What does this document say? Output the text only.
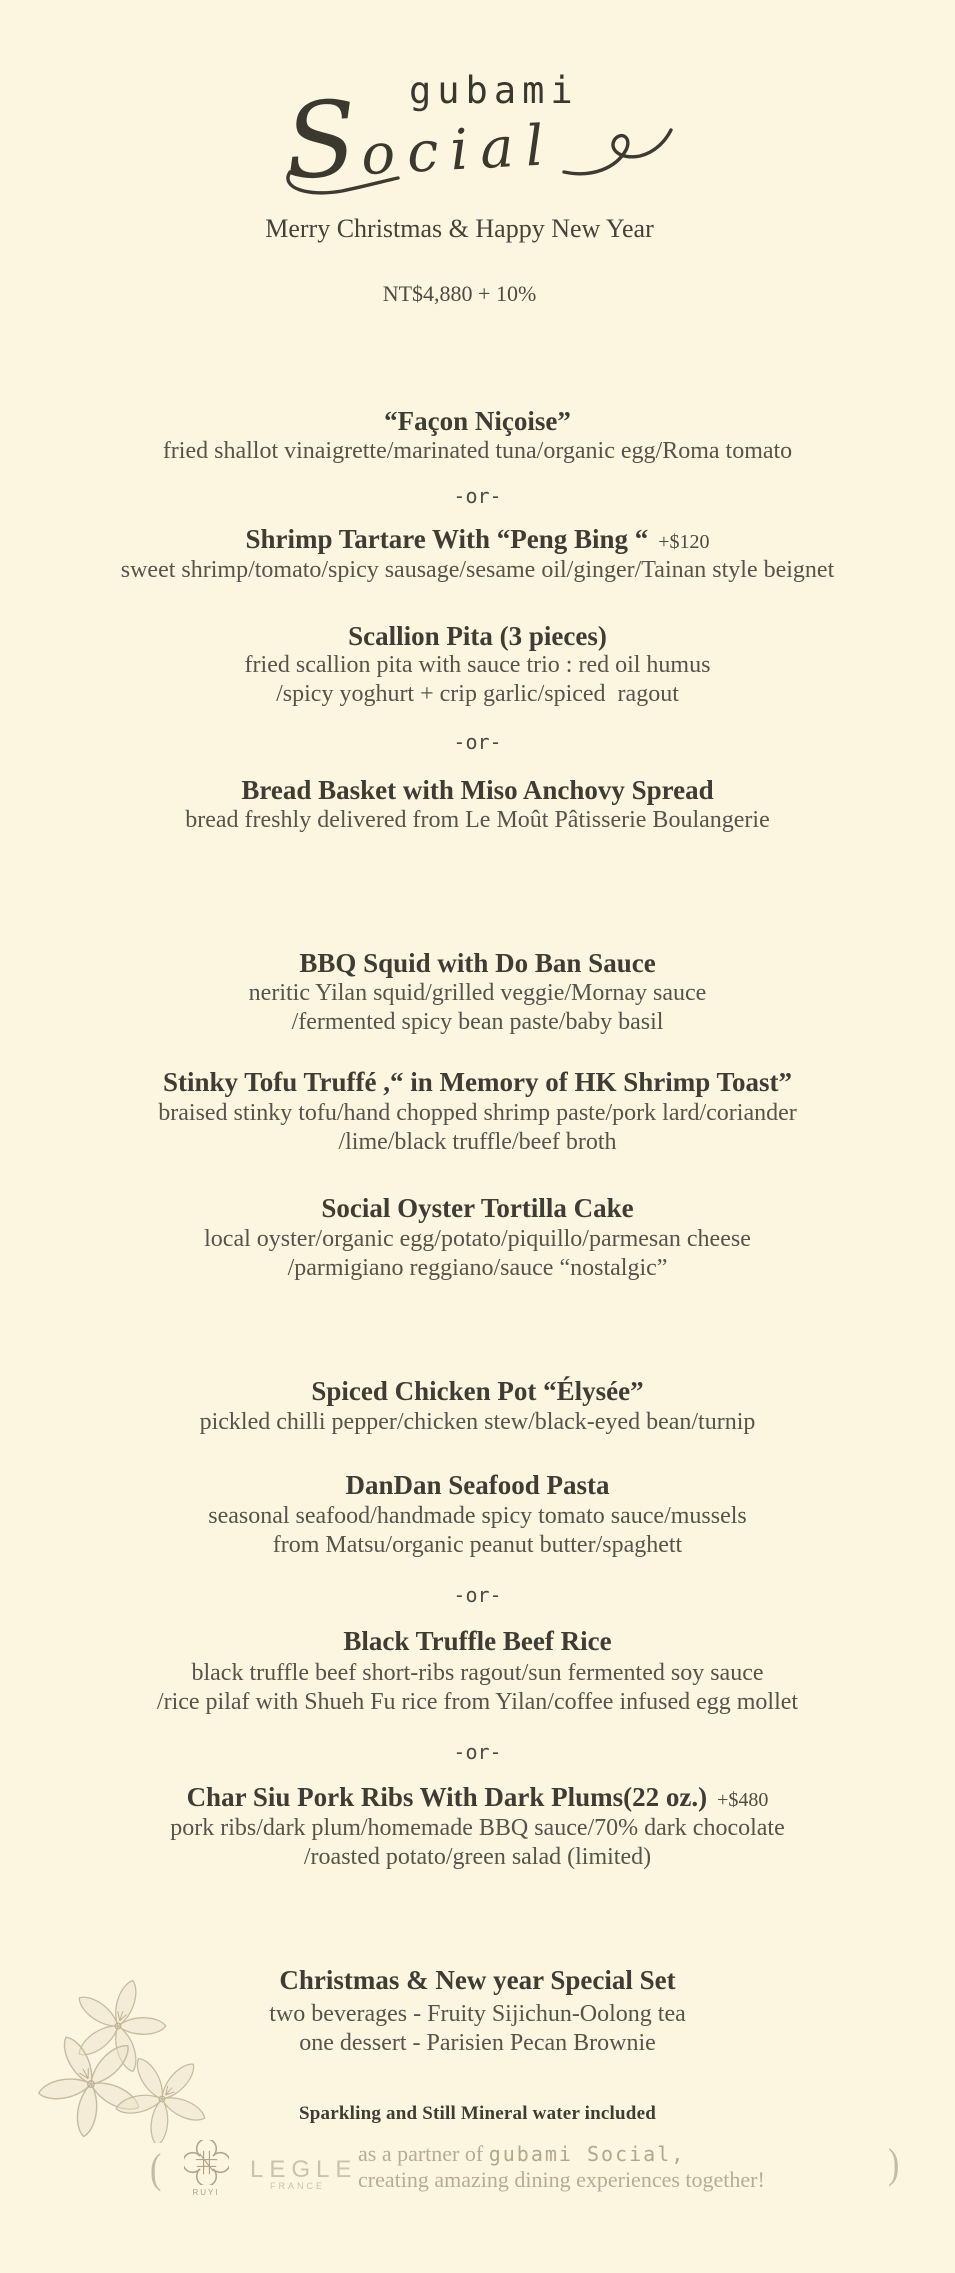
gubami
Social
Merry Christmas & Happy New Year
NT$4,880 + 10%
“Façon Niçoise”
fried shallot vinaigrette/marinated tuna/organic egg/Roma tomato
-or-
Shrimp Tartare With “Peng Bing “ +$120
sweet shrimp/tomato/spicy sausage/sesame oil/ginger/Tainan style beignet
Scallion Pita (3 pieces)
fried scallion pita with sauce trio : red oil humus
/spicy yoghurt + crip garlic/spiced  ragout
-or-
Bread Basket with Miso Anchovy Spread
bread freshly delivered from Le Moût Pâtisserie Boulangerie
BBQ Squid with Do Ban Sauce
neritic Yilan squid/grilled veggie/Mornay sauce
/fermented spicy bean paste/baby basil
Stinky Tofu Truffé ,“ in Memory of HK Shrimp Toast”
braised stinky tofu/hand chopped shrimp paste/pork lard/coriander
/lime/black truffle/beef broth
Social Oyster Tortilla Cake
local oyster/organic egg/potato/piquillo/parmesan cheese
/parmigiano reggiano/sauce “nostalgic”
Spiced Chicken Pot “Élysée”
pickled chilli pepper/chicken stew/black-eyed bean/turnip
DanDan Seafood Pasta
seasonal seafood/handmade spicy tomato sauce/mussels
from Matsu/organic peanut butter/spaghett
-or-
Black Truffle Beef Rice
black truffle beef short-ribs ragout/sun fermented soy sauce
/rice pilaf with Shueh Fu rice from Yilan/coffee infused egg mollet
-or-
Char Siu Pork Ribs With Dark Plums(22 oz.) +$480
pork ribs/dark plum/homemade BBQ sauce/70% dark chocolate
/roasted potato/green salad (limited)
Christmas & New year Special Set
two beverages - Fruity Sijichun-Oolong tea
one dessert - Parisien Pecan Brownie
Sparkling and Still Mineral water included
(	RUYI
LEGLE
FRANCE
as a partner of gubami Social,
creating amazing dining experiences together!	)
